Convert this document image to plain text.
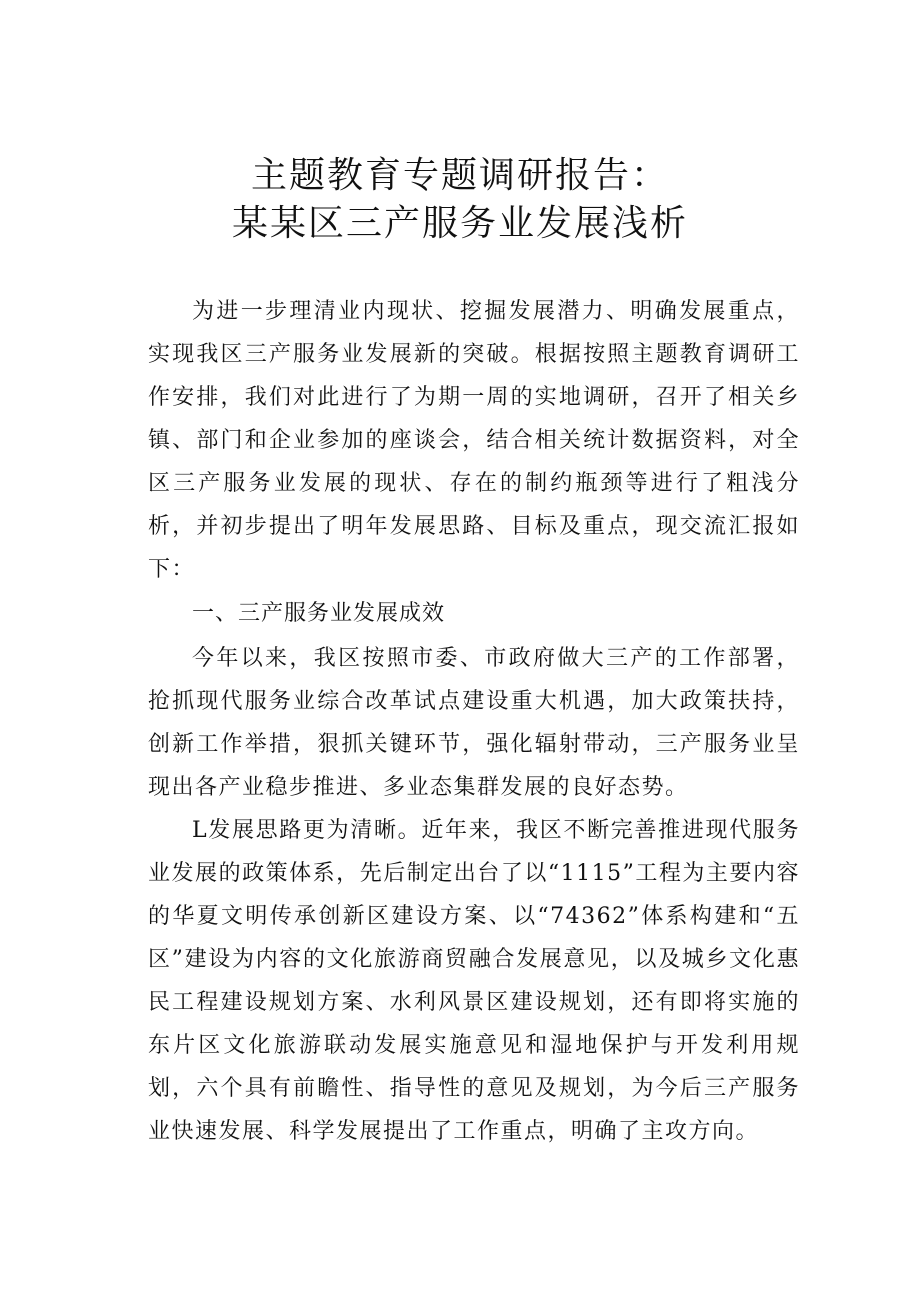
主题教育专题调研报告：
某某区三产服务业发展浅析

为进一步理清业内现状、挖掘发展潜力、明确发展重点，实现我区三产服务业发展新的突破。根据按照主题教育调研工作安排，我们对此进行了为期一周的实地调研，召开了相关乡镇、部门和企业参加的座谈会，结合相关统计数据资料，对全区三产服务业发展的现状、存在的制约瓶颈等进行了粗浅分析，并初步提出了明年发展思路、目标及重点，现交流汇报如下：

一、三产服务业发展成效

今年以来，我区按照市委、市政府做大三产的工作部署，抢抓现代服务业综合改革试点建设重大机遇，加大政策扶持，创新工作举措，狠抓关键环节，强化辐射带动，三产服务业呈现出各产业稳步推进、多业态集群发展的良好态势。

L发展思路更为清晰。近年来，我区不断完善推进现代服务业发展的政策体系，先后制定出台了以“1115”工程为主要内容的华夏文明传承创新区建设方案、以“74362”体系构建和“五区”建设为内容的文化旅游商贸融合发展意见，以及城乡文化惠民工程建设规划方案、水利风景区建设规划，还有即将实施的东片区文化旅游联动发展实施意见和湿地保护与开发利用规划，六个具有前瞻性、指导性的意见及规划，为今后三产服务业快速发展、科学发展提出了工作重点，明确了主攻方向。
